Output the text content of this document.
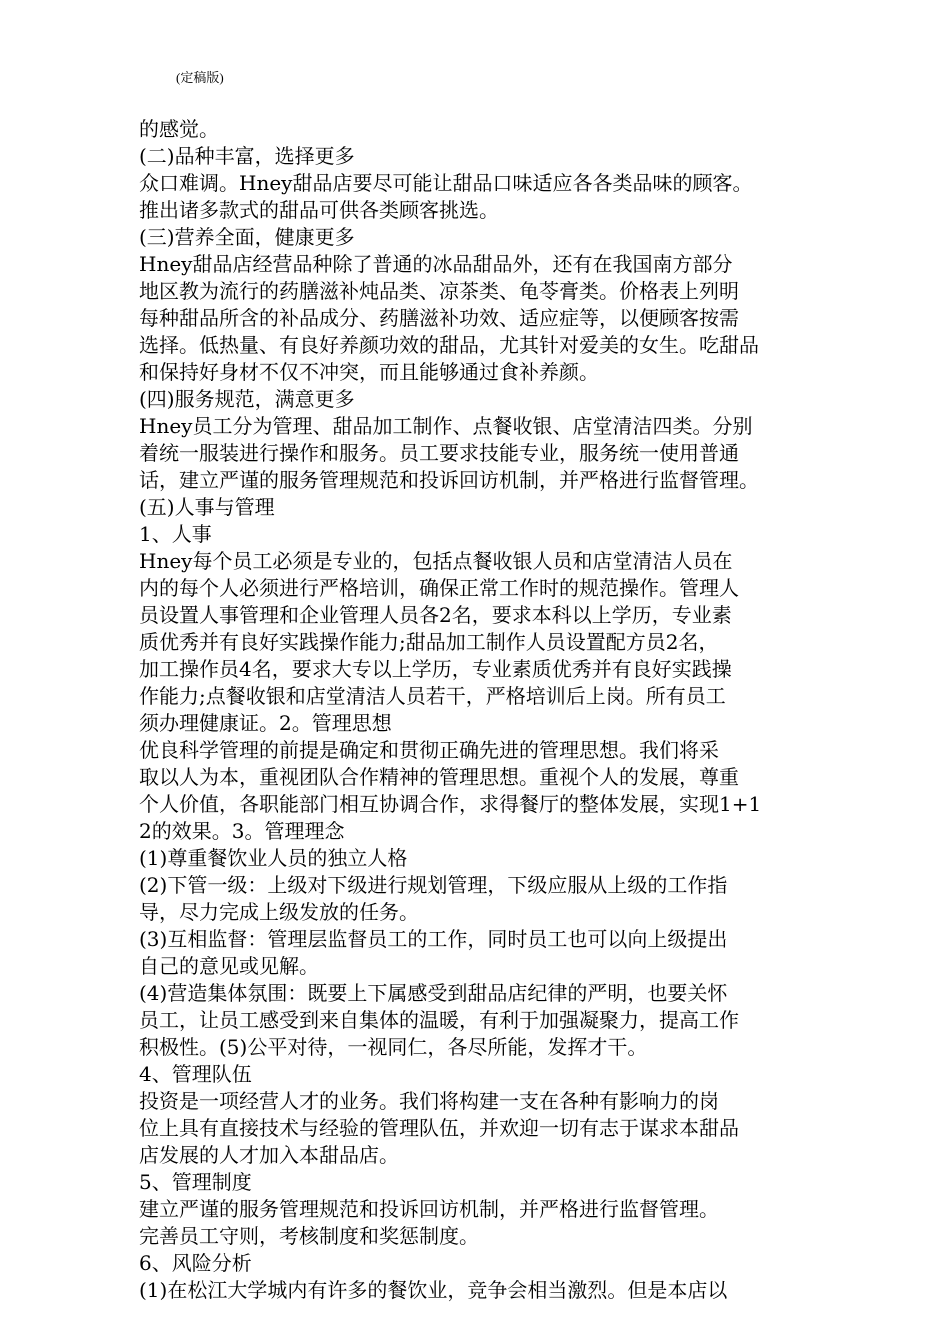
(定稿版)
的感觉。
(二)品种丰富，选择更多
众口难调。Hney甜品店要尽可能让甜品口味适应各各类品味的顾客。
推出诸多款式的甜品可供各类顾客挑选。
(三)营养全面，健康更多
Hney甜品店经营品种除了普通的冰品甜品外，还有在我国南方部分
地区教为流行的药膳滋补炖品类、凉茶类、龟苓膏类。价格表上列明
每种甜品所含的补品成分、药膳滋补功效、适应症等，以便顾客按需
选择。低热量、有良好养颜功效的甜品，尤其针对爱美的女生。吃甜品
和保持好身材不仅不冲突，而且能够通过食补养颜。
(四)服务规范，满意更多
Hney员工分为管理、甜品加工制作、点餐收银、店堂清洁四类。分别
着统一服装进行操作和服务。员工要求技能专业，服务统一使用普通
话，建立严谨的服务管理规范和投诉回访机制，并严格进行监督管理。
(五)人事与管理
1、人事
Hney每个员工必须是专业的，包括点餐收银人员和店堂清洁人员在
内的每个人必须进行严格培训，确保正常工作时的规范操作。管理人
员设置人事管理和企业管理人员各2名，要求本科以上学历，专业素
质优秀并有良好实践操作能力;甜品加工制作人员设置配方员2名，
加工操作员4名，要求大专以上学历，专业素质优秀并有良好实践操
作能力;点餐收银和店堂清洁人员若干，严格培训后上岗。所有员工
须办理健康证。2。管理思想
优良科学管理的前提是确定和贯彻正确先进的管理思想。我们将采
取以人为本，重视团队合作精神的管理思想。重视个人的发展，尊重
个人价值，各职能部门相互协调合作，求得餐厅的整体发展，实现1+1
2的效果。3。管理理念
(1)尊重餐饮业人员的独立人格
(2)下管一级：上级对下级进行规划管理，下级应服从上级的工作指
导，尽力完成上级发放的任务。
(3)互相监督：管理层监督员工的工作，同时员工也可以向上级提出
自己的意见或见解。
(4)营造集体氛围：既要上下属感受到甜品店纪律的严明，也要关怀
员工，让员工感受到来自集体的温暖，有利于加强凝聚力，提高工作
积极性。(5)公平对待，一视同仁，各尽所能，发挥才干。
4、管理队伍
投资是一项经营人才的业务。我们将构建一支在各种有影响力的岗
位上具有直接技术与经验的管理队伍，并欢迎一切有志于谋求本甜品
店发展的人才加入本甜品店。
5、管理制度
建立严谨的服务管理规范和投诉回访机制，并严格进行监督管理。
完善员工守则，考核制度和奖惩制度。
6、风险分析
(1)在松江大学城内有许多的餐饮业，竞争会相当激烈。但是本店以
